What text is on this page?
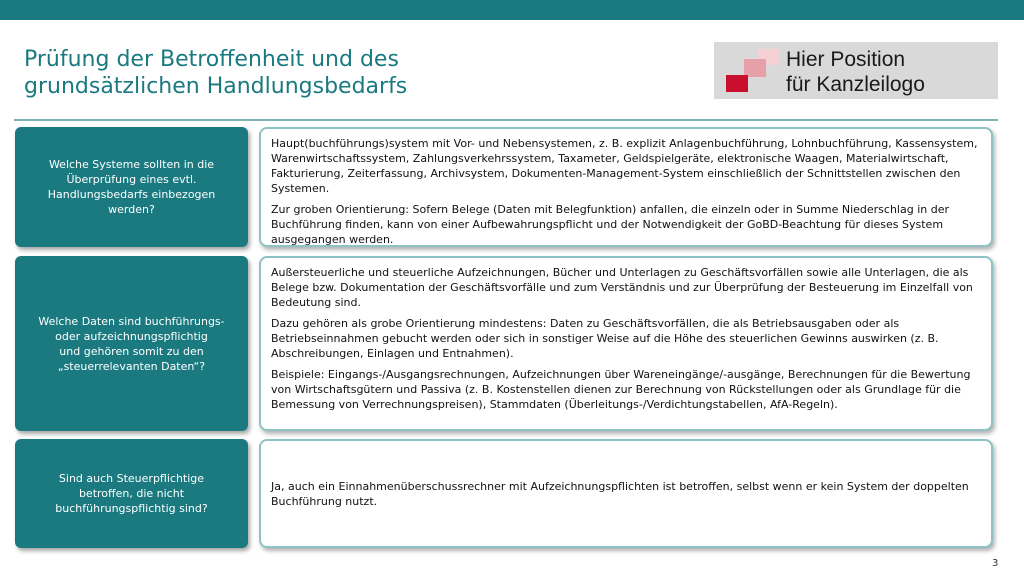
Prüfung der Betroffenheit und des
grundsätzlichen Handlungsbedarfs
Hier Position
für Kanzleilogo
Welche Systeme sollten in die
Überprüfung eines evtl.
Handlungsbedarfs einbezogen
werden?

Haupt(buchführungs)system mit Vor- und Nebensystemen, z. B. explizit Anlagenbuchführung, Lohnbuchführung, Kassensystem, Warenwirtschaftssystem, Zahlungsverkehrssystem, Taxameter, Geldspielgeräte, elektronische Waagen, Materialwirtschaft, Fakturierung, Zeiterfassung, Archivsystem, Dokumenten-Management-System einschließlich der Schnittstellen zwischen den Systemen.

Zur groben Orientierung: Sofern Belege (Daten mit Belegfunktion) anfallen, die einzeln oder in Summe Niederschlag in der Buchführung finden, kann von einer Aufbewahrungspflicht und der Notwendigkeit der GoBD-Beachtung für dieses System ausgegangen werden.

Welche Daten sind buchführungs-
oder aufzeichnungspflichtig
und gehören somit zu den
„steuerrelevanten Daten“?

Außersteuerliche und steuerliche Aufzeichnungen, Bücher und Unterlagen zu Geschäftsvorfällen sowie alle Unterlagen, die als Belege bzw. Dokumentation der Geschäftsvorfälle und zum Verständnis und zur Überprüfung der Besteuerung im Einzelfall von Bedeutung sind.

Dazu gehören als grobe Orientierung mindestens: Daten zu Geschäftsvorfällen, die als Betriebsausgaben oder als Betriebseinnahmen gebucht werden oder sich in sonstiger Weise auf die Höhe des steuerlichen Gewinns auswirken (z. B. Abschreibungen, Einlagen und Entnahmen).

Beispiele: Eingangs-/Ausgangsrechnungen, Aufzeichnungen über Wareneingänge/-ausgänge, Berechnungen für die Bewertung von Wirtschaftsgütern und Passiva (z. B. Kostenstellen dienen zur Berechnung von Rückstellungen oder als Grundlage für die Bemessung von Verrechnungspreisen), Stammdaten (Überleitungs-/Verdichtungstabellen, AfA-Regeln).

Sind auch Steuerpflichtige
betroffen, die nicht
buchführungspflichtig sind?

Ja, auch ein Einnahmenüberschussrechner mit Aufzeichnungspflichten ist betroffen, selbst wenn er kein System der doppelten Buchführung nutzt.

3
